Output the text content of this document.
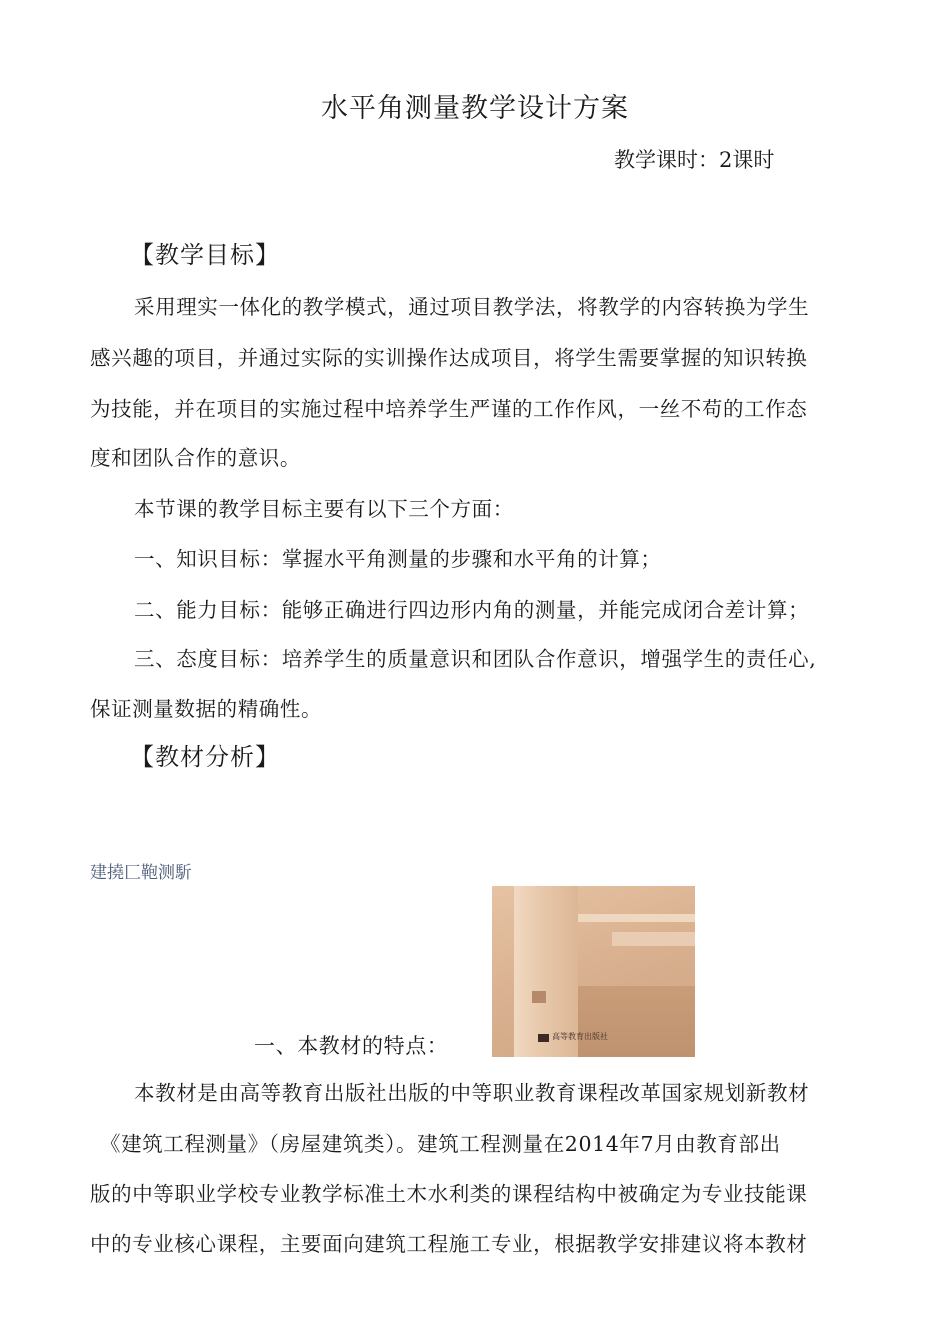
水平角测量教学设计方案
教学课时：2课时
【教学目标】
采用理实一体化的教学模式，通过项目教学法，将教学的内容转换为学生
感兴趣的项目，并通过实际的实训操作达成项目，将学生需要掌握的知识转换
为技能，并在项目的实施过程中培养学生严谨的工作作风，一丝不苟的工作态
度和团队合作的意识。
本节课的教学目标主要有以下三个方面：
一、知识目标：掌握水平角测量的步骤和水平角的计算；
二、能力目标：能够正确进行四边形内角的测量，并能完成闭合差计算；
三、态度目标：培养学生的质量意识和团队合作意识，增强学生的责任心,
保证测量数据的精确性。
【教材分析】
建撓匚鞄测馸
高等教育出版社
一、本教材的特点：
本教材是由高等教育出版社出版的中等职业教育课程改革国家规划新教材
《建筑工程测量》（房屋建筑类）。建筑工程测量在2014年7月由教育部出
版的中等职业学校专业教学标准土木水利类的课程结构中被确定为专业技能课
中的专业核心课程，主要面向建筑工程施工专业，根据教学安排建议将本教材
